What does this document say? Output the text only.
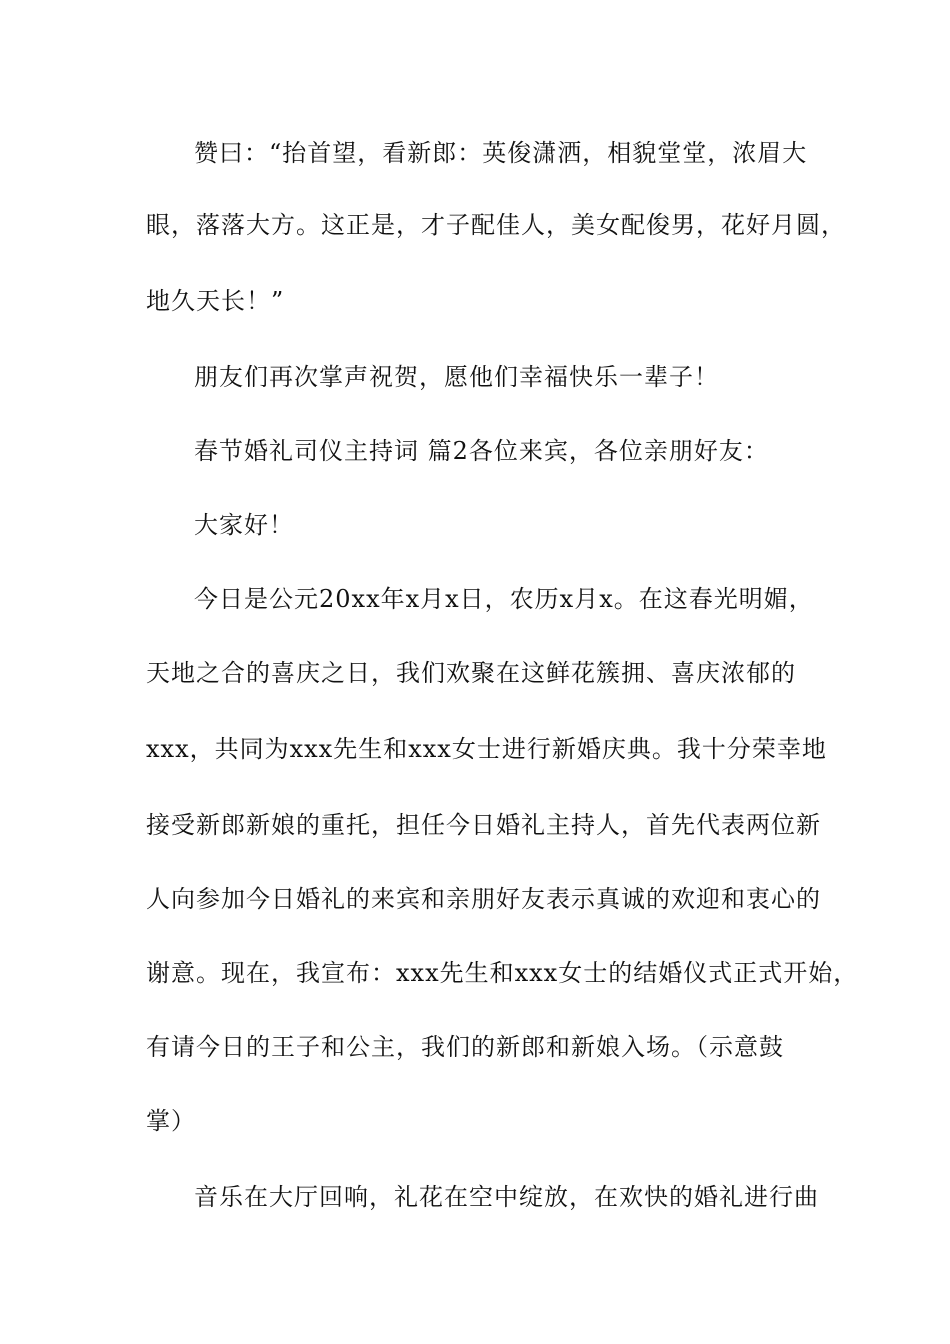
赞曰：“抬首望，看新郎：英俊潇洒，相貌堂堂，浓眉大
眼，落落大方。这正是，才子配佳人，美女配俊男，花好月圆，
地久天长！”
朋友们再次掌声祝贺，愿他们幸福快乐一辈子！
春节婚礼司仪主持词 篇2各位来宾，各位亲朋好友：
大家好！
今日是公元20xx年x月x日，农历x月x。在这春光明媚，
天地之合的喜庆之日，我们欢聚在这鲜花簇拥、喜庆浓郁的
xxx，共同为xxx先生和xxx女士进行新婚庆典。我十分荣幸地
接受新郎新娘的重托，担任今日婚礼主持人，首先代表两位新
人向参加今日婚礼的来宾和亲朋好友表示真诚的欢迎和衷心的
谢意。现在，我宣布：xxx先生和xxx女士的结婚仪式正式开始，
有请今日的王子和公主，我们的新郎和新娘入场。（示意鼓
掌）
音乐在大厅回响，礼花在空中绽放，在欢快的婚礼进行曲
